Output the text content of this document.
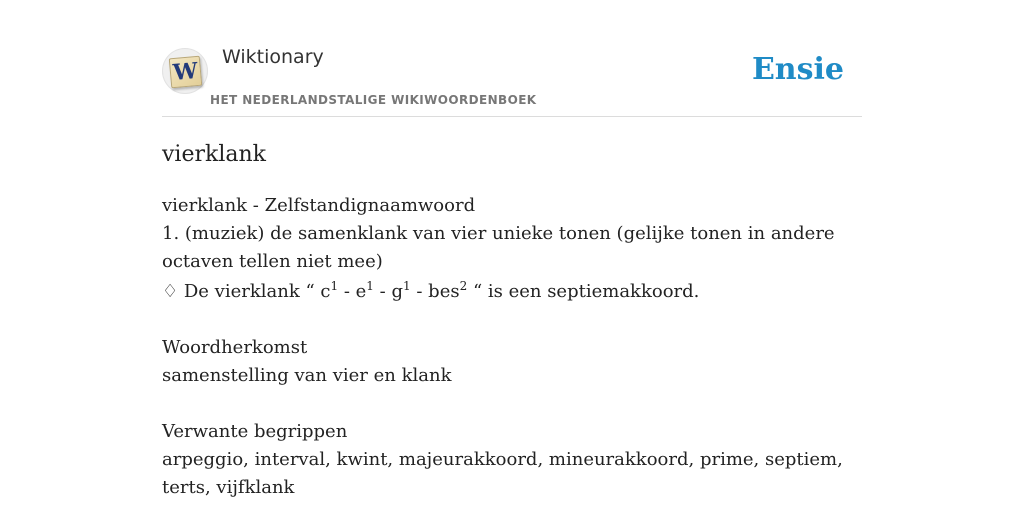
W
Wiktionary
HET NEDERLANDSTALIGE WIKIWOORDENBOEK
Ensie
vierklank

vierklank - Zelfstandignaamwoord

1. (muziek) de samenklank van vier unieke tonen (gelijke tonen in andere octaven tellen niet mee)

♢ De vierklank “ $c^1 - e^1 - g^1 - bes^2$ “ is een septiemakkoord.

Woordherkomst

samenstelling van vier en klank

Verwante begrippen

arpeggio, interval, kwint, majeurakkoord, mineurakkoord, prime, septiem, terts, vijfklank
